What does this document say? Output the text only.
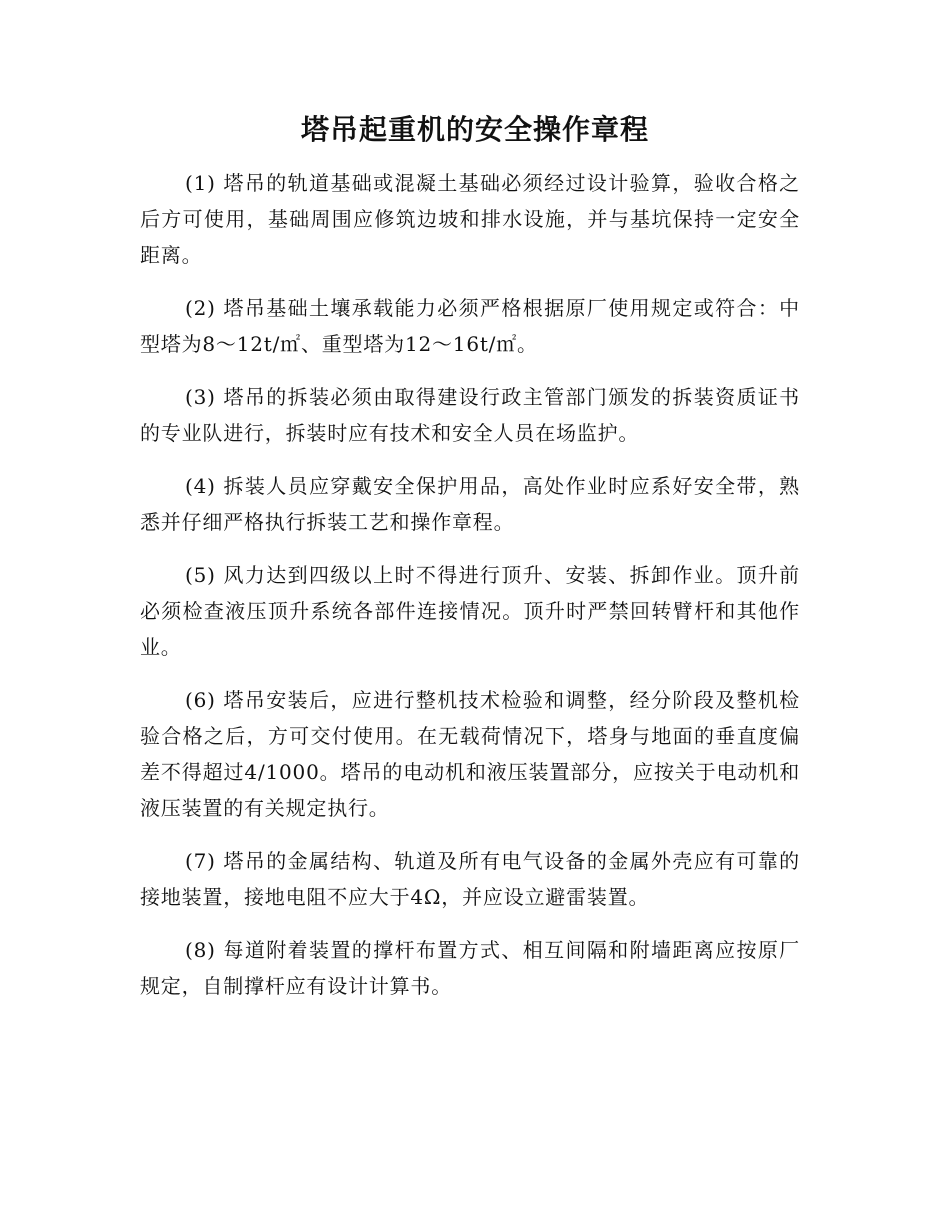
塔吊起重机的安全操作章程

(1) 塔吊的轨道基础或混凝土基础必须经过设计验算，验收合格之后方可使用，基础周围应修筑边坡和排水设施，并与基坑保持一定安全距离。

(2) 塔吊基础土壤承载能力必须严格根据原厂使用规定或符合：中型塔为8～12t/㎡、重型塔为12～16t/㎡。

(3) 塔吊的拆装必须由取得建设行政主管部门颁发的拆装资质证书的专业队进行，拆装时应有技术和安全人员在场监护。

(4) 拆装人员应穿戴安全保护用品，高处作业时应系好安全带，熟悉并仔细严格执行拆装工艺和操作章程。

(5) 风力达到四级以上时不得进行顶升、安装、拆卸作业。顶升前必须检查液压顶升系统各部件连接情况。顶升时严禁回转臂杆和其他作业。

(6) 塔吊安装后，应进行整机技术检验和调整，经分阶段及整机检验合格之后，方可交付使用。在无载荷情况下，塔身与地面的垂直度偏差不得超过4/1000。塔吊的电动机和液压装置部分，应按关于电动机和液压装置的有关规定执行。

(7) 塔吊的金属结构、轨道及所有电气设备的金属外壳应有可靠的接地装置，接地电阻不应大于4Ω，并应设立避雷装置。

(8) 每道附着装置的撑杆布置方式、相互间隔和附墙距离应按原厂规定，自制撑杆应有设计计算书。
